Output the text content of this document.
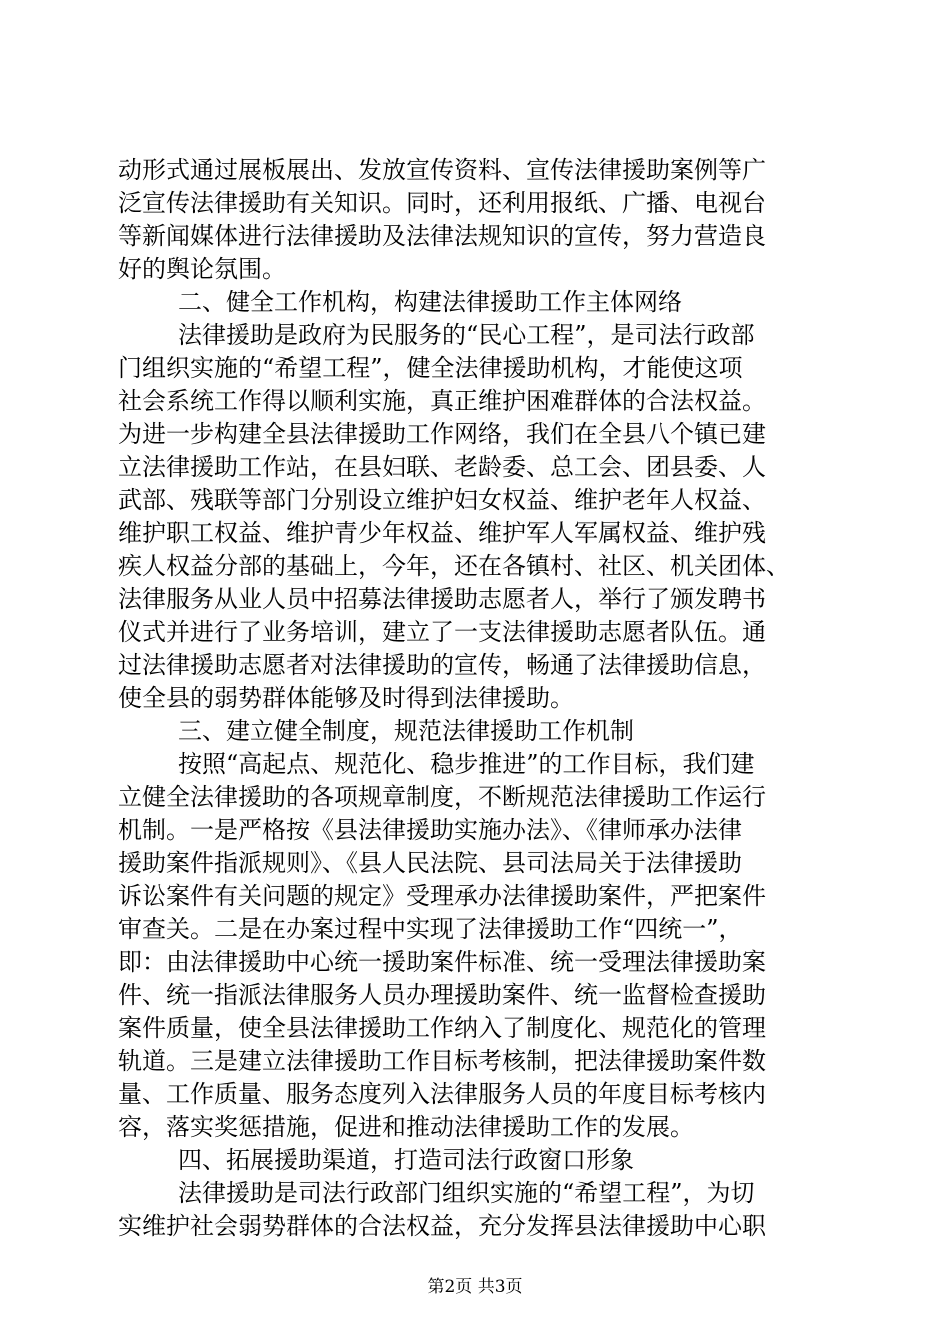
动形式通过展板展出、发放宣传资料、宣传法律援助案例等广
泛宣传法律援助有关知识。同时，还利用报纸、广播、电视台
等新闻媒体进行法律援助及法律法规知识的宣传，努力营造良
好的舆论氛围。
二、健全工作机构，构建法律援助工作主体网络
法律援助是政府为民服务的“民心工程”，是司法行政部
门组织实施的“希望工程”，健全法律援助机构，才能使这项
社会系统工作得以顺利实施，真正维护困难群体的合法权益。
为进一步构建全县法律援助工作网络，我们在全县八个镇已建
立法律援助工作站，在县妇联、老龄委、总工会、团县委、人
武部、残联等部门分别设立维护妇女权益、维护老年人权益、
维护职工权益、维护青少年权益、维护军人军属权益、维护残
疾人权益分部的基础上，今年，还在各镇村、社区、机关团体、
法律服务从业人员中招募法律援助志愿者人，举行了颁发聘书
仪式并进行了业务培训，建立了一支法律援助志愿者队伍。通
过法律援助志愿者对法律援助的宣传，畅通了法律援助信息，
使全县的弱势群体能够及时得到法律援助。
三、建立健全制度，规范法律援助工作机制
按照“高起点、规范化、稳步推进”的工作目标，我们建
立健全法律援助的各项规章制度，不断规范法律援助工作运行
机制。一是严格按《县法律援助实施办法》、《律师承办法律
援助案件指派规则》、《县人民法院、县司法局关于法律援助
诉讼案件有关问题的规定》受理承办法律援助案件，严把案件
审查关。二是在办案过程中实现了法律援助工作“四统一”，
即：由法律援助中心统一援助案件标准、统一受理法律援助案
件、统一指派法律服务人员办理援助案件、统一监督检查援助
案件质量，使全县法律援助工作纳入了制度化、规范化的管理
轨道。三是建立法律援助工作目标考核制，把法律援助案件数
量、工作质量、服务态度列入法律服务人员的年度目标考核内
容，落实奖惩措施，促进和推动法律援助工作的发展。
四、拓展援助渠道，打造司法行政窗口形象
法律援助是司法行政部门组织实施的“希望工程”，为切
实维护社会弱势群体的合法权益，充分发挥县法律援助中心职
第2页 共3页
